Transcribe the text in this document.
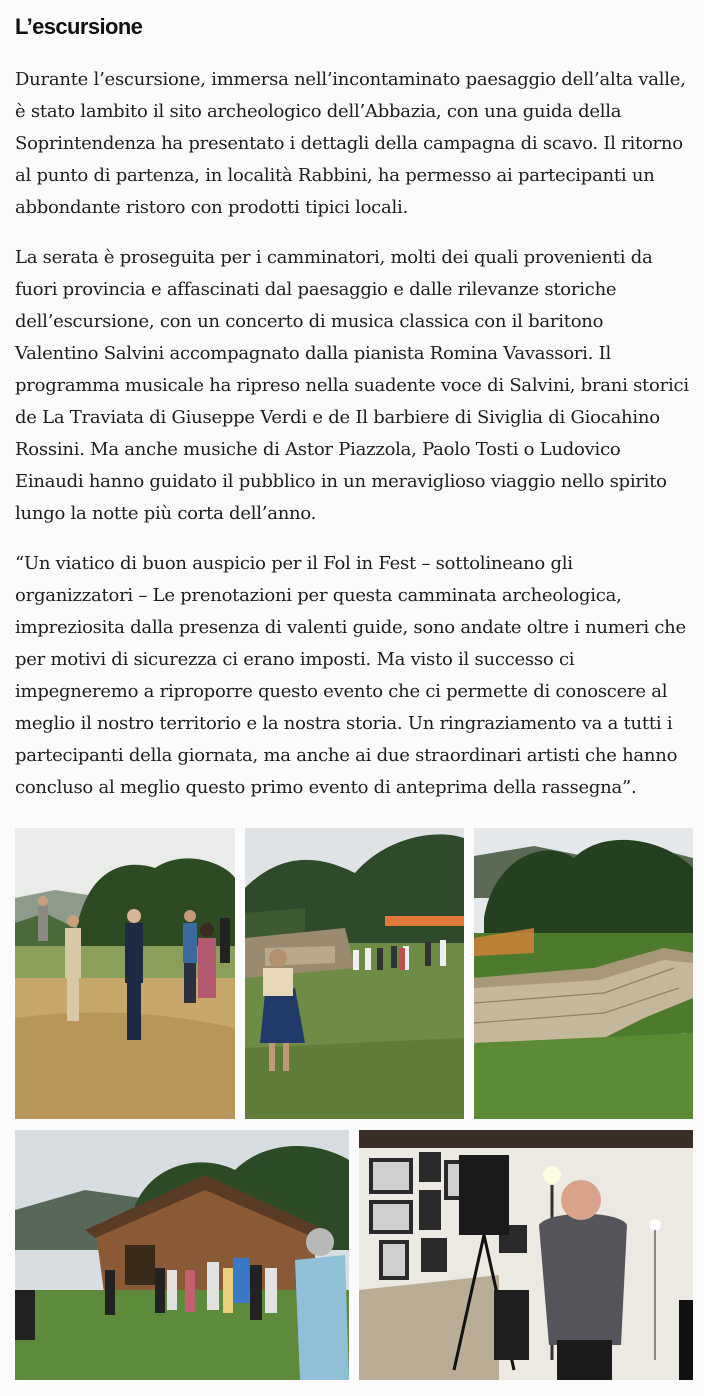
L’escursione

Durante l’escursione, immersa nell’incontaminato paesaggio dell’alta valle, è stato lambito il sito archeologico dell’Abbazia, con una guida della Soprintendenza ha presentato i dettagli della campagna di scavo. Il ritorno al punto di partenza, in località Rabbini, ha permesso ai partecipanti un abbondante ristoro con prodotti tipici locali.

La serata è proseguita per i camminatori, molti dei quali provenienti da fuori provincia e affascinati dal paesaggio e dalle rilevanze storiche dell’escursione, con un concerto di musica classica con il baritono Valentino Salvini accompagnato dalla pianista Romina Vavassori. Il programma musicale ha ripreso nella suadente voce di Salvini, brani storici de La Traviata di Giuseppe Verdi e de Il barbiere di Siviglia di Giocahino Rossini. Ma anche musiche di Astor Piazzola, Paolo Tosti o Ludovico Einaudi hanno guidato il pubblico in un meraviglioso viaggio nello spirito lungo la notte più corta dell’anno.

“Un viatico di buon auspicio per il Fol in Fest – sottolineano gli organizzatori – Le prenotazioni per questa camminata archeologica, impreziosita dalla presenza di valenti guide, sono andate oltre i numeri che per motivi di sicurezza ci erano imposti. Ma visto il successo ci impegneremo a riproporre questo evento che ci permette di conoscere al meglio il nostro territorio e la nostra storia. Un ringraziamento va a tutti i partecipanti della giornata, ma anche ai due straordinari artisti che hanno concluso al meglio questo primo evento di anteprima della rassegna”.
